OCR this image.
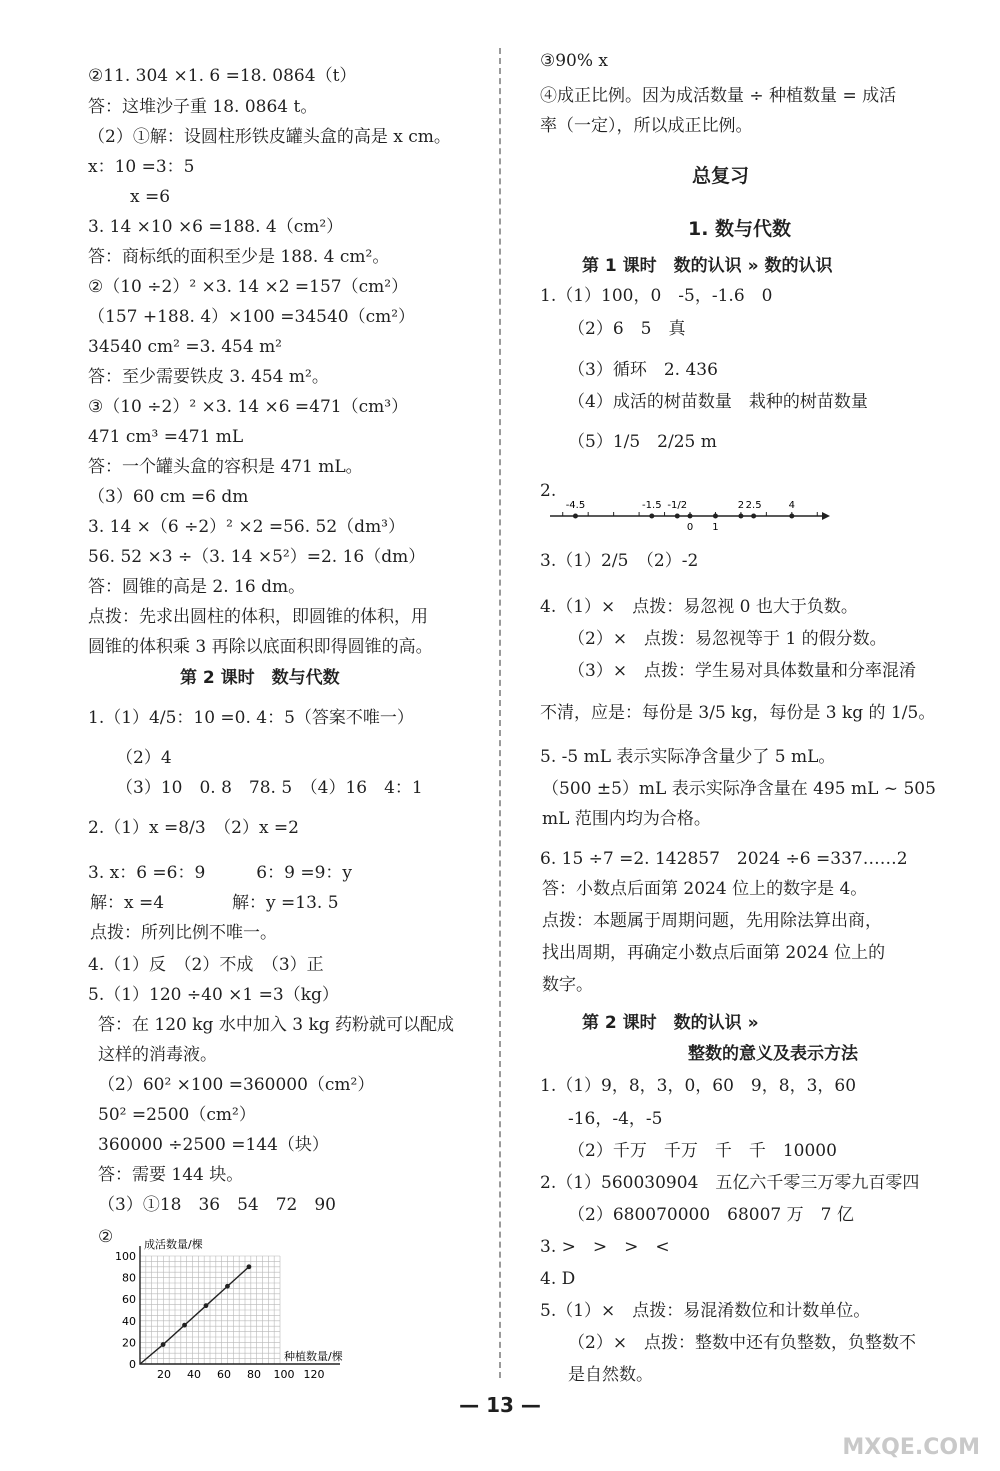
②11. 304 ×1. 6 =18. 0864（t）
答：这堆沙子重 18. 0864 t。
（2）①解：设圆柱形铁皮罐头盒的高是 x cm。
x：10 =3：5
x =6
3. 14 ×10 ×6 =188. 4（cm²）
答：商标纸的面积至少是 188. 4 cm²。
②（10 ÷2）² ×3. 14 ×2 =157（cm²）
（157 +188. 4）×100 =34540（cm²）
34540 cm² =3. 454 m²
答：至少需要铁皮 3. 454 m²。
③（10 ÷2）² ×3. 14 ×6 =471（cm³）
471 cm³ =471 mL
答：一个罐头盒的容积是 471 mL。
（3）60 cm =6 dm
3. 14 ×（6 ÷2）² ×2 =56. 52（dm³）
56. 52 ×3 ÷（3. 14 ×5²）=2. 16（dm）
答：圆锥的高是 2. 16 dm。
点拨：先求出圆柱的体积，即圆锥的体积，用
圆锥的体积乘 3 再除以底面积即得圆锥的高。
第 2 课时　数与代数
1.（1）4/5：10 =0. 4：5（答案不唯一）
（2）4
（3）10　0. 8　78. 5　（4）16　4：1
2.（1）x =8/3　（2）x =2
3. x：6 =6：9　　　6：9 =9：y
解：x =4　　　　解：y =13. 5
点拨：所列比例不唯一。
4.（1）反　（2）不成　（3）正
5.（1）120 ÷40 ×1 =3（kg）
答：在 120 kg 水中加入 3 kg 药粉就可以配成
这样的消毒液。
（2）60² ×100 =360000（cm²）
50² =2500（cm²）
360000 ÷2500 =144（块）
答：需要 144 块。
（3）①18　36　54　72　90
②
③90% x
④成正比例。因为成活数量 ÷ 种植数量 = 成活
率（一定），所以成正比例。
总复习
1. 数与代数
第 1 课时　数的认识 » 数的认识
1.（1）100，0　-5，-1.6　0
（2）6　5　真
（3）循环　2. 436
（4）成活的树苗数量　栽种的树苗数量
（5）1/5　2/25 m
2.
3.（1）2/5　（2）-2
4.（1）×　点拨：易忽视 0 也大于负数。
（2）×　点拨：易忽视等于 1 的假分数。
（3）×　点拨：学生易对具体数量和分率混淆
不清，应是：每份是 3/5 kg，每份是 3 kg 的 1/5。
5. -5 mL 表示实际净含量少了 5 mL。
（500 ±5）mL 表示实际净含量在 495 mL ~ 505
mL 范围内均为合格。
6. 15 ÷7 =2. 142857　2024 ÷6 =337……2
答：小数点后面第 2024 位上的数字是 4。
点拨：本题属于周期问题，先用除法算出商，
找出周期，再确定小数点后面第 2024 位上的
数字。
第 2 课时　数的认识 »
整数的意义及表示方法
1.（1）9，8，3，0，60　9，8，3，60
-16，-4，-5
（2）千万　千万　千　千　10000
2.（1）560030904　五亿六千零三万零九百零四
（2）680070000　68007 万　7 亿
3. >　>　>　<
4. D
5.（1）×　点拨：易混淆数位和计数单位。
（2）×　点拨：整数中还有负整数，负整数不
是自然数。
— 13 —
MXQE.COM
0
20
40
60
80
100
20 40 60 80 100 120
成活数量/棵
种植数量/棵
-4.5	-1.5 -1/2
0 1
2 2.5	4
